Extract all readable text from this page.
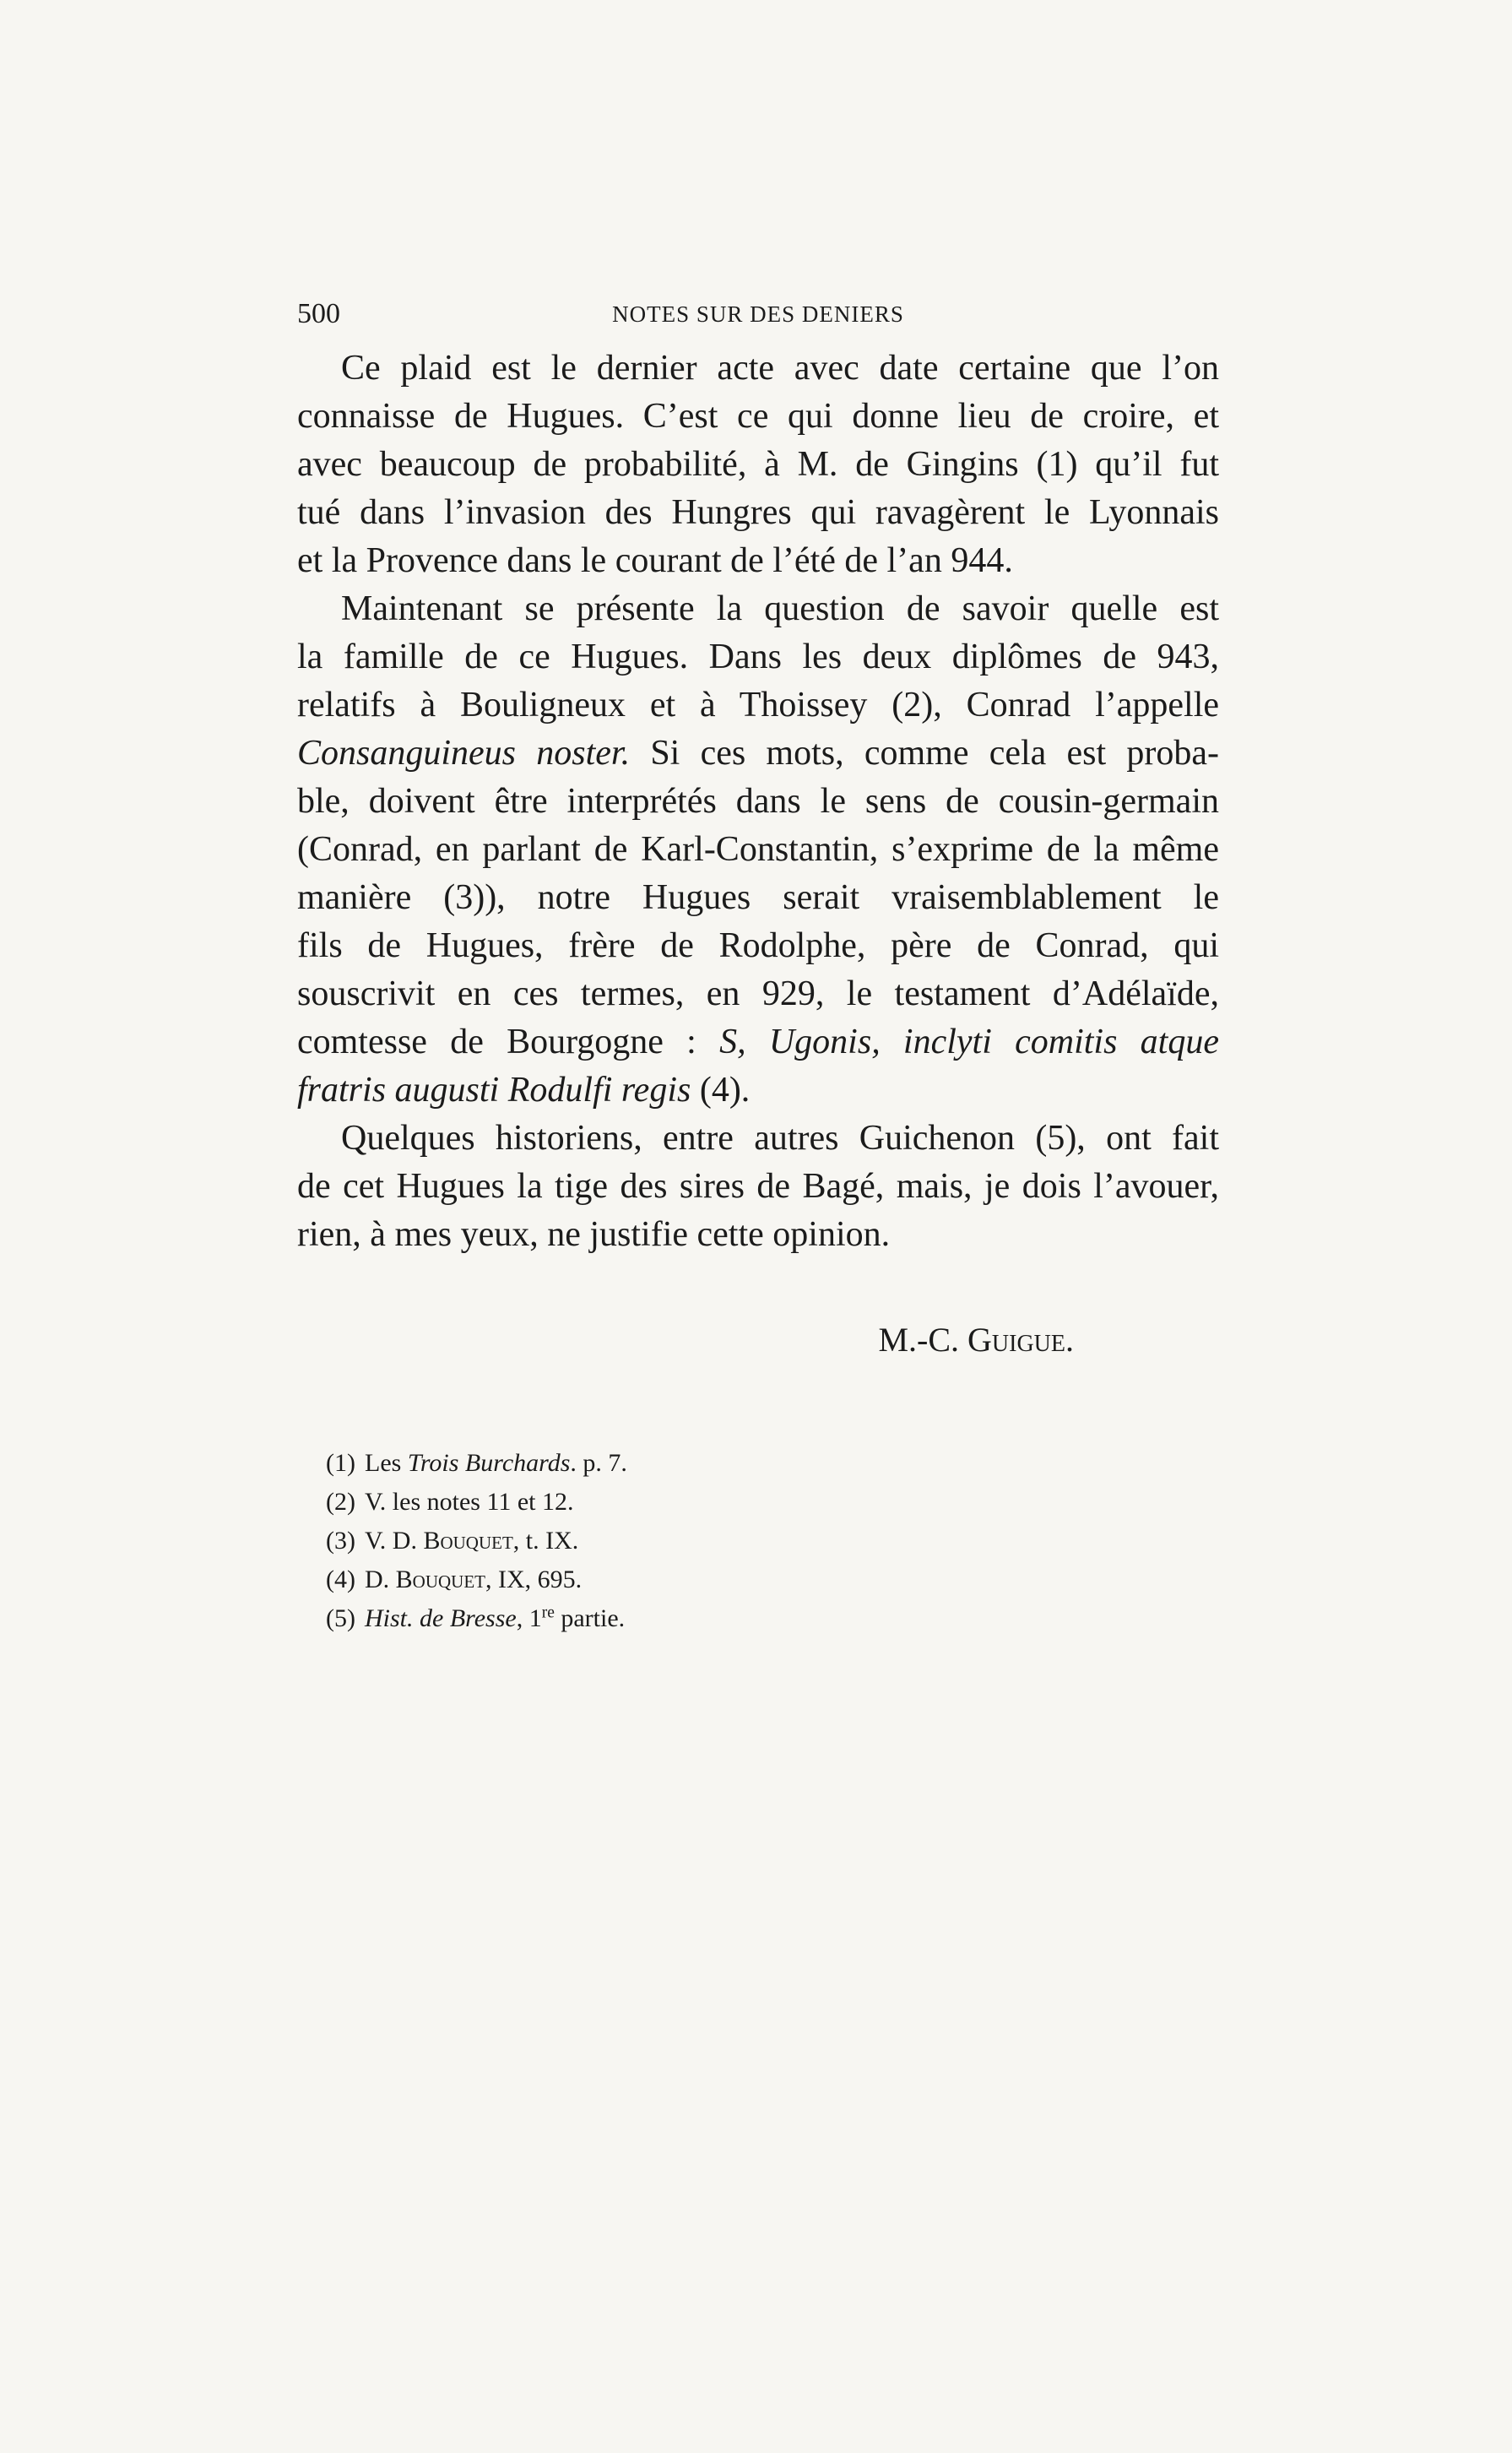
500	NOTES SUR DES DENIERS
Ce plaid est le dernier acte avec date certaine que l’on
connaisse de Hugues. C’est ce qui donne lieu de croire, et
avec beaucoup de probabilité, à M. de Gingins (1) qu’il fut
tué dans l’invasion des Hungres qui ravagèrent le Lyonnais
et la Provence dans le courant de l’été de l’an 944.
Maintenant se présente la question de savoir quelle est
la famille de ce Hugues. Dans les deux diplômes de 943,
relatifs à Bouligneux et à Thoissey (2), Conrad l’appelle
Consanguineus noster. Si ces mots, comme cela est proba-
ble, doivent être interprétés dans le sens de cousin-germain
(Conrad, en parlant de Karl-Constantin, s’exprime de la même
manière (3)), notre Hugues serait vraisemblablement le
fils de Hugues, frère de Rodolphe, père de Conrad, qui
souscrivit en ces termes, en 929, le testament d’Adélaïde,
comtesse de Bourgogne : S, Ugonis, inclyti comitis atque
fratris augusti Rodulfi regis (4).
Quelques historiens, entre autres Guichenon (5), ont fait
de cet Hugues la tige des sires de Bagé, mais, je dois l’avouer,
rien, à mes yeux, ne justifie cette opinion.
M.-C. Guigue.
(1) Les Trois Burchards. p. 7.
(2) V. les notes 11 et 12.
(3) V. D. Bouquet, t. IX.
(4) D. Bouquet, IX, 695.
(5) Hist. de Bresse, 1re partie.
